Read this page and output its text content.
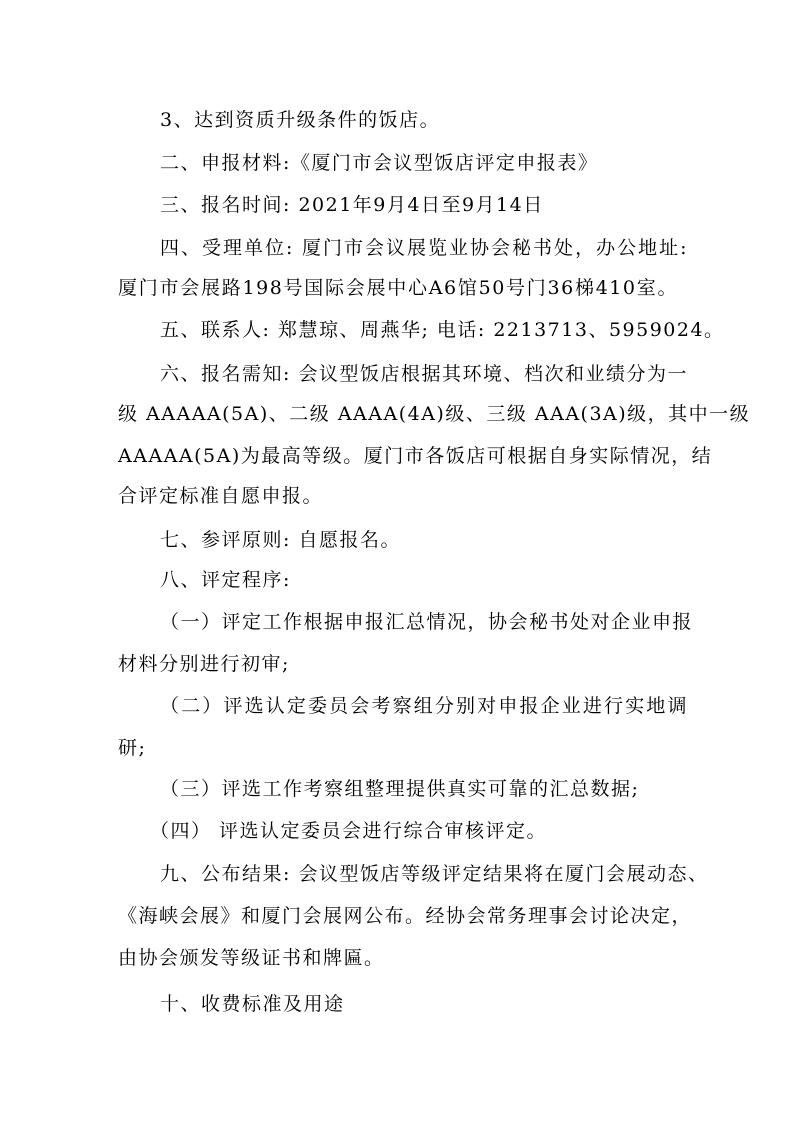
3、达到资质升级条件的饭店。
二、申报材料:《厦门市会议型饭店评定申报表》
三、报名时间: 2021年9月4日至9月14日
四、受理单位: 厦门市会议展览业协会秘书处，办公地址:
厦门市会展路198号国际会展中心A6馆50号门36梯410室。
五、联系人: 郑慧琼、周燕华; 电话: 2213713、5959024。
六、报名需知: 会议型饭店根据其环境、档次和业绩分为一
级 AAAAA(5A)、二级 AAAA(4A)级、三级 AAA(3A)级，其中一级
AAAAA(5A)为最高等级。厦门市各饭店可根据自身实际情况，结
合评定标准自愿申报。
七、参评原则: 自愿报名。
八、评定程序:
（一）评定工作根据申报汇总情况，协会秘书处对企业申报
材料分别进行初审;
（二）评选认定委员会考察组分别对申报企业进行实地调
研;
（三）评选工作考察组整理提供真实可靠的汇总数据;
（四） 评选认定委员会进行综合审核评定。
九、公布结果: 会议型饭店等级评定结果将在厦门会展动态、
《海峡会展》和厦门会展网公布。经协会常务理事会讨论决定，
由协会颁发等级证书和牌匾。
十、收费标准及用途
